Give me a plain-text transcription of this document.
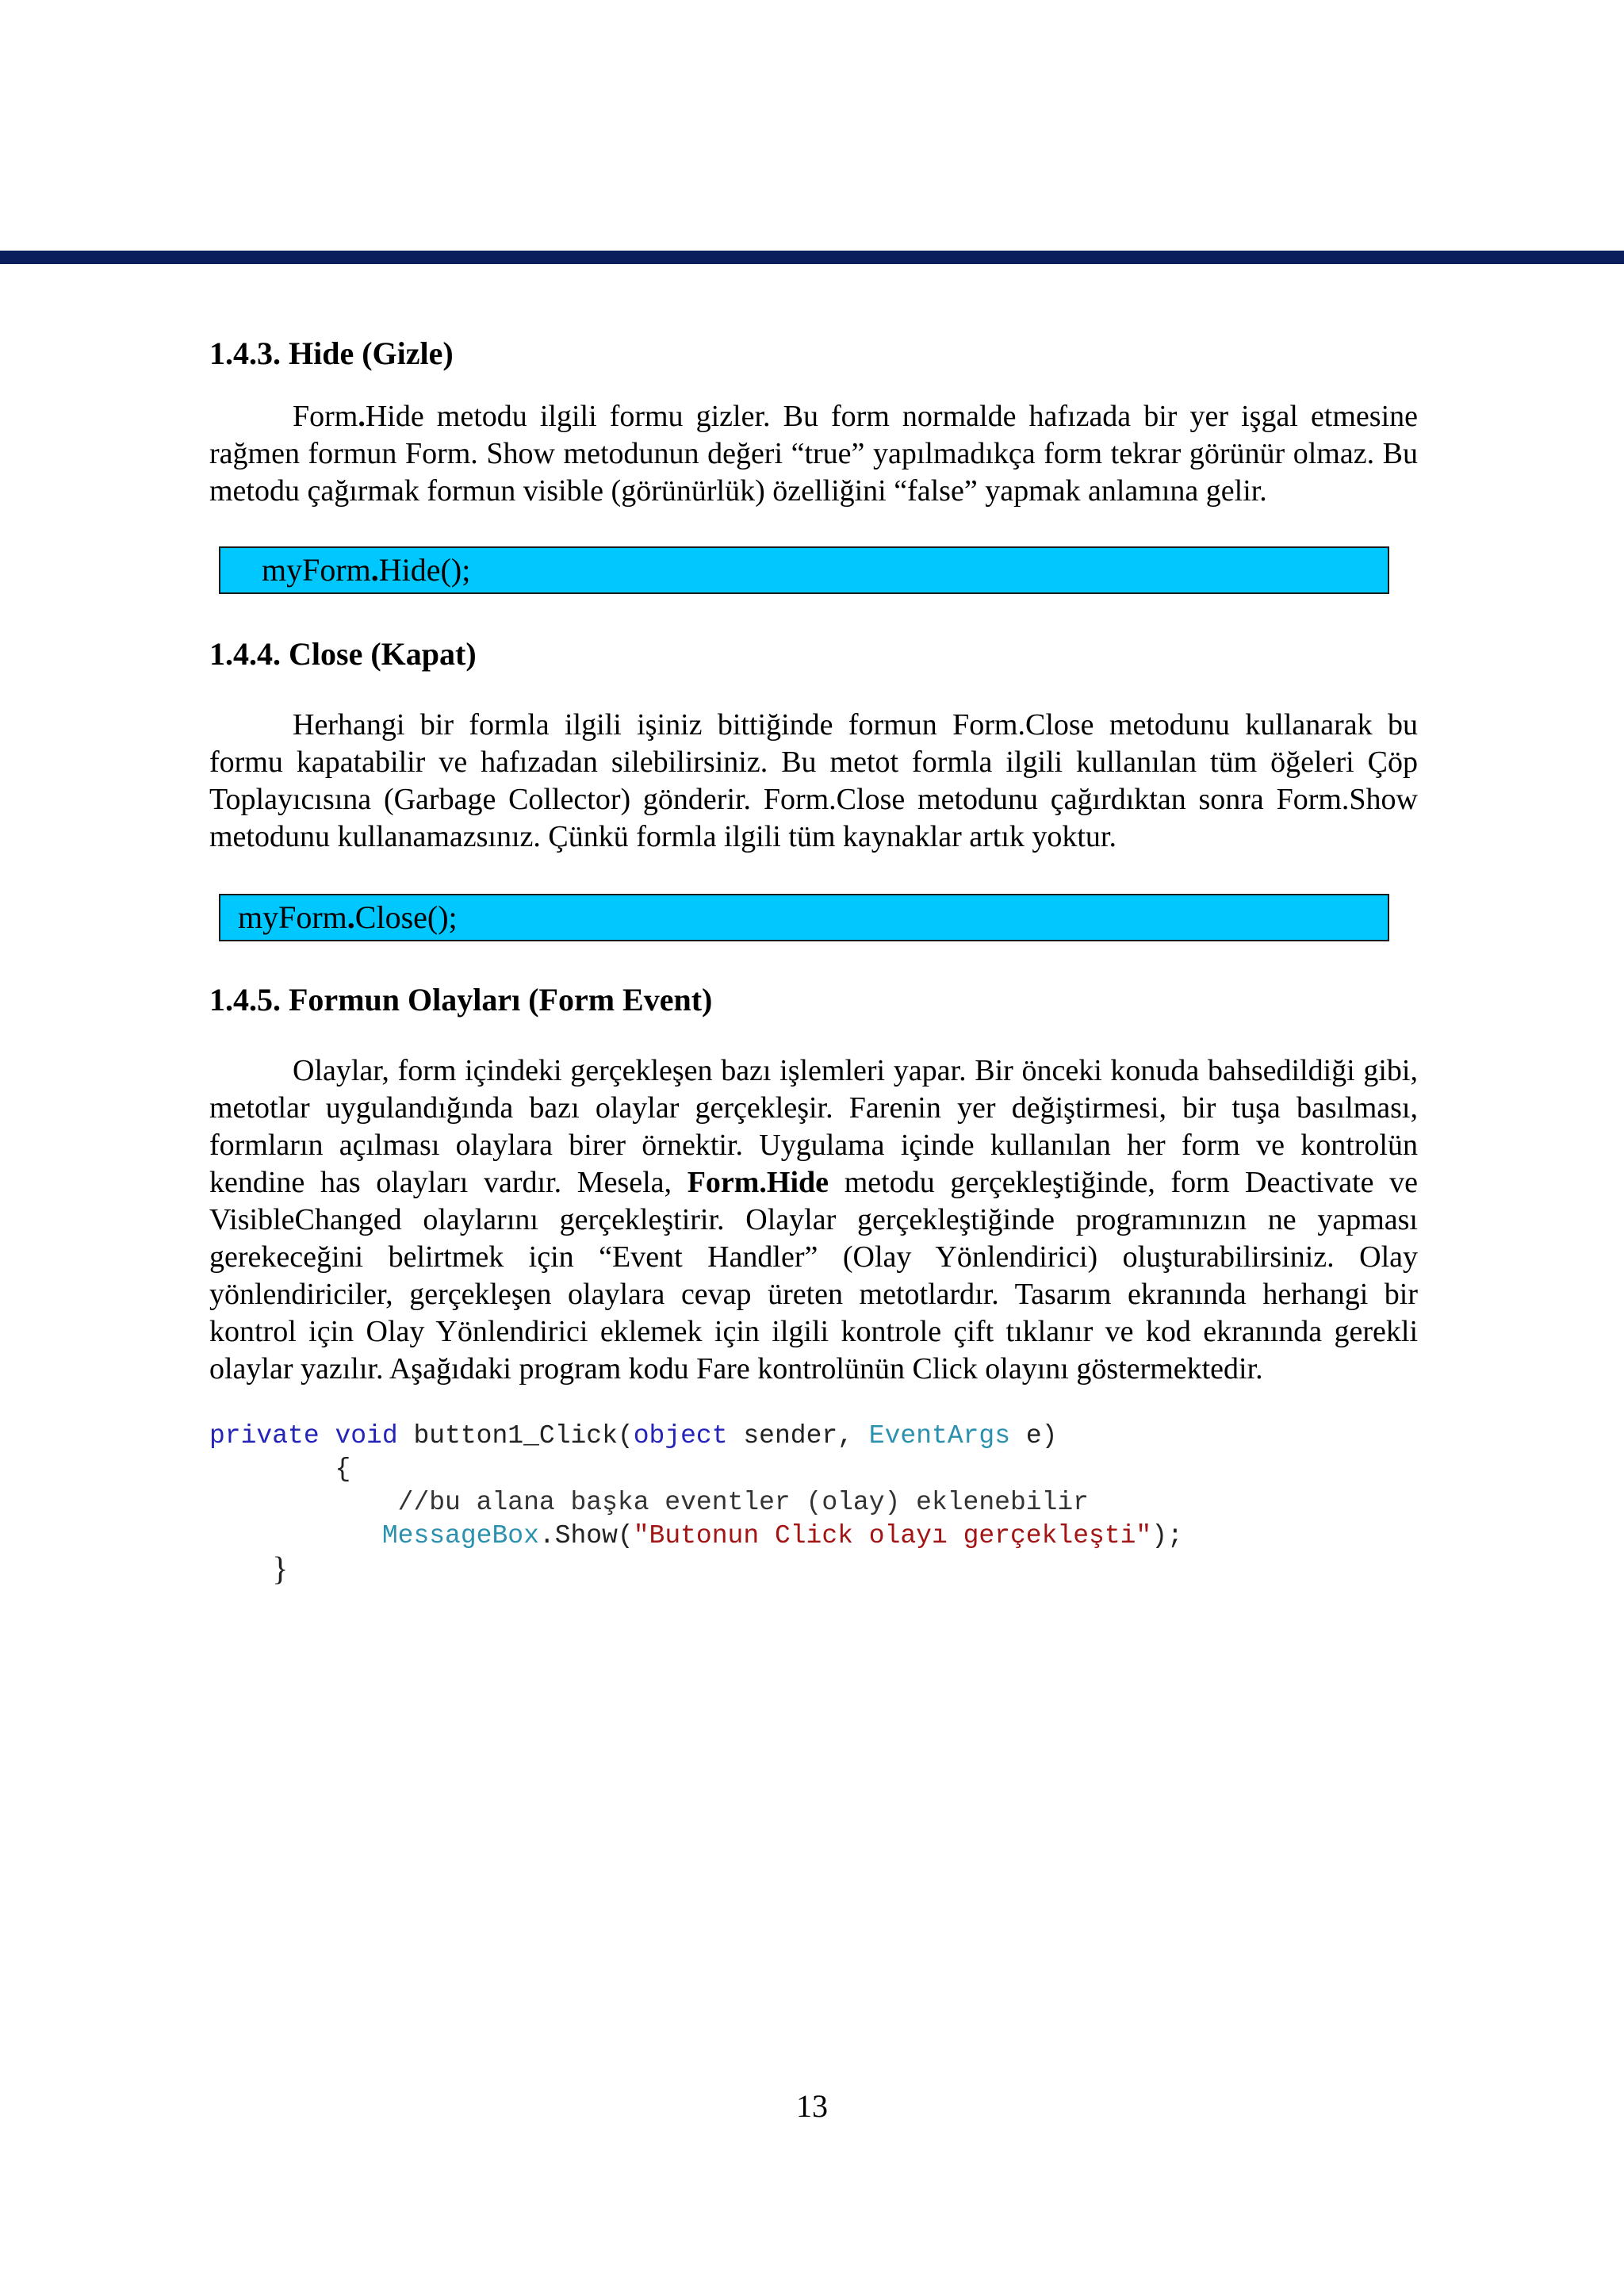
1.4.3. Hide (Gizle)

Form.Hide metodu ilgili formu gizler. Bu form normalde hafızada bir yer işgal etmesine rağmen formun Form. Show metodunun değeri “true” yapılmadıkça form tekrar görünür olmaz. Bu metodu çağırmak formun visible (görünürlük) özelliğini “false” yapmak anlamına gelir.

myForm.Hide();
1.4.4. Close (Kapat)

Herhangi bir formla ilgili işiniz bittiğinde formun Form.Close metodunu kullanarak bu formu kapatabilir ve hafızadan silebilirsiniz. Bu metot formla ilgili kullanılan tüm öğeleri Çöp Toplayıcısına (Garbage Collector) gönderir. Form.Close metodunu çağırdıktan sonra Form.Show metodunu kullanamazsınız. Çünkü formla ilgili tüm kaynaklar artık yoktur.

myForm.Close();
1.4.5. Formun Olayları (Form Event)

Olaylar, form içindeki gerçekleşen bazı işlemleri yapar. Bir önceki konuda bahsedildiği gibi, metotlar uygulandığında bazı olaylar gerçekleşir. Farenin yer değiştirmesi, bir tuşa basılması, formların açılması olaylara birer örnektir. Uygulama içinde kullanılan her form ve kontrolün kendine has olayları vardır. Mesela, Form.Hide metodu gerçekleştiğinde, form Deactivate ve VisibleChanged olaylarını gerçekleştirir. Olaylar gerçekleştiğinde programınızın ne yapması gerekeceğini belirtmek için “Event Handler” (Olay Yönlendirici) oluşturabilirsiniz. Olay yönlendiriciler, gerçekleşen olaylara cevap üreten metotlardır. Tasarım ekranında herhangi bir kontrol için Olay Yönlendirici eklemek için ilgili kontrole çift tıklanır ve kod ekranında gerekli olaylar yazılır. Aşağıdaki program kodu Fare kontrolünün Click olayını göstermektedir.

private void button1_Click(object sender, EventArgs e)
{
//bu alana başka eventler (olay) eklenebilir
MessageBox.Show("Butonun Click olayı gerçekleşti");
}
13
